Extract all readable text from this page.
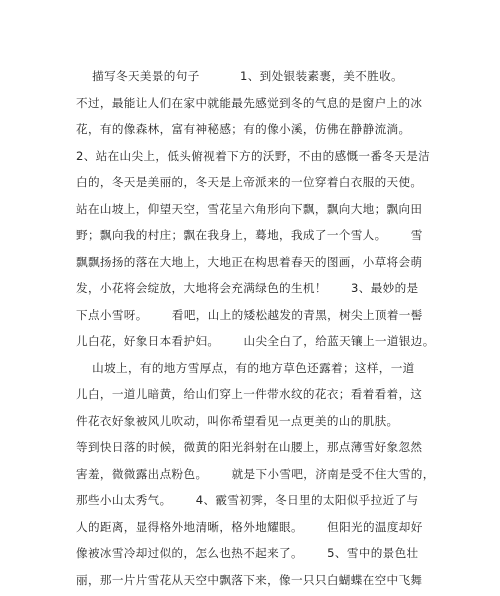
描写冬天美景的句子          1、到处银装素裹，美不胜收。
不过，最能让人们在家中就能最先感觉到冬的气息的是窗户上的冰
花，有的像森林，富有神秘感；有的像小溪，仿佛在静静流淌。
2、站在山尖上，低头俯视着下方的沃野，不由的感慨一番冬天是洁
白的，冬天是美丽的，冬天是上帝派来的一位穿着白衣服的天使。
站在山坡上，仰望天空，雪花呈六角形向下飘，飘向大地；飘向田
野；飘向我的村庄；飘在我身上，蓦地，我成了一个雪人。      雪
飘飘扬扬的落在大地上，大地正在构思着春天的图画，小草将会萌
发，小花将会绽放，大地将会充满绿色的生机！      3、最妙的是
下点小雪呀。      看吧，山上的矮松越发的青黑，树尖上顶着一髻
儿白花，好象日本看护妇。      山尖全白了，给蓝天镶上一道银边。
山坡上，有的地方雪厚点，有的地方草色还露着；这样，一道
儿白，一道儿暗黄，给山们穿上一件带水纹的花衣；看着看着，这
件花衣好象被风儿吹动，叫你希望看见一点更美的山的肌肤。
等到快日落的时候，微黄的阳光斜射在山腰上，那点薄雪好象忽然
害羞，微微露出点粉色。      就是下小雪吧，济南是受不住大雪的，
那些小山太秀气。      4、霰雪初霁，冬日里的太阳似乎拉近了与
人的距离，显得格外地清晰，格外地耀眼。      但阳光的温度却好
像被冰雪冷却过似的，怎么也热不起来了。      5、雪中的景色壮
丽，那一片片雪花从天空中飘落下来，像一只只白蝴蝶在空中飞舞
